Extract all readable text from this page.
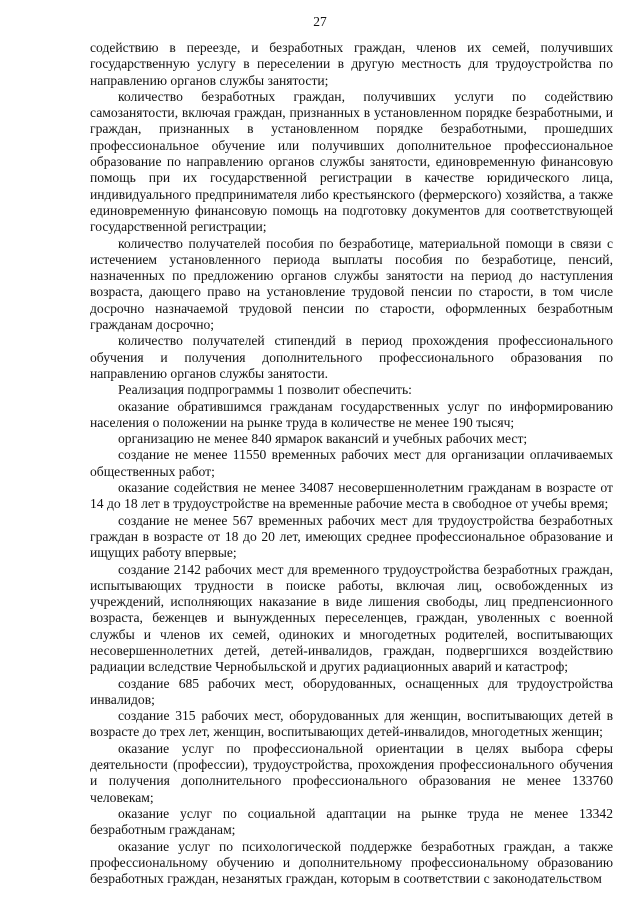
27

содействию в переезде, и безработных граждан, членов их семей, получивших государственную услугу в переселении в другую местность для трудоустройства по направлению органов службы занятости;

количество безработных граждан, получивших услуги по содействию самозанятости, включая граждан, признанных в установленном порядке безработными, и граждан, признанных в установленном порядке безработными, прошедших профессиональное обучение или получивших дополнительное профессиональное образование по направлению органов службы занятости, единовременную финансовую помощь при их государственной регистрации в качестве юридического лица, индивидуального предпринимателя либо крестьянского (фермерского) хозяйства, а также единовременную финансовую помощь на подготовку документов для соответствующей государственной регистрации;

количество получателей пособия по безработице, материальной помощи в связи с истечением установленного периода выплаты пособия по безработице, пенсий, назначенных по предложению органов службы занятости на период до наступления возраста, дающего право на установление трудовой пенсии по старости, в том числе досрочно назначаемой трудовой пенсии по старости, оформленных безработным гражданам досрочно;

количество получателей стипендий в период прохождения профессионального обучения и получения дополнительного профессионального образования по направлению органов службы занятости.

Реализация подпрограммы 1 позволит обеспечить:

оказание обратившимся гражданам государственных услуг по информированию населения о положении на рынке труда в количестве не менее 190 тысяч;

организацию не менее 840 ярмарок вакансий и учебных рабочих мест;

создание не менее 11550 временных рабочих мест для организации оплачиваемых общественных работ;

оказание содействия не менее 34087 несовершеннолетним гражданам в возрасте от 14 до 18 лет в трудоустройстве на временные рабочие места в свободное от учебы время;

создание не менее 567 временных рабочих мест для трудоустройства безработных граждан в возрасте от 18 до 20 лет, имеющих среднее профессиональное образование и ищущих работу впервые;

создание 2142 рабочих мест для временного трудоустройства безработных граждан, испытывающих трудности в поиске работы, включая лиц, освобожденных из учреждений, исполняющих наказание в виде лишения свободы, лиц предпенсионного возраста, беженцев и вынужденных переселенцев, граждан, уволенных с военной службы и членов их семей, одиноких и многодетных родителей, воспитывающих несовершеннолетних детей, детей-инвалидов, граждан, подвергшихся воздействию радиации вследствие Чернобыльской и других радиационных аварий и катастроф;

создание 685 рабочих мест, оборудованных, оснащенных для трудоустройства инвалидов;

создание 315 рабочих мест, оборудованных для женщин, воспитывающих детей в возрасте до трех лет, женщин, воспитывающих детей-инвалидов, многодетных женщин;

оказание услуг по профессиональной ориентации в целях выбора сферы деятельности (профессии), трудоустройства, прохождения профессионального обучения и получения дополнительного профессионального образования не менее 133760 человекам;

оказание услуг по социальной адаптации на рынке труда не менее 13342 безработным гражданам;

оказание услуг по психологической поддержке безработных граждан, а также профессиональному обучению и дополнительному профессиональному образованию безработных граждан, незанятых граждан, которым в соответствии с законодательством
